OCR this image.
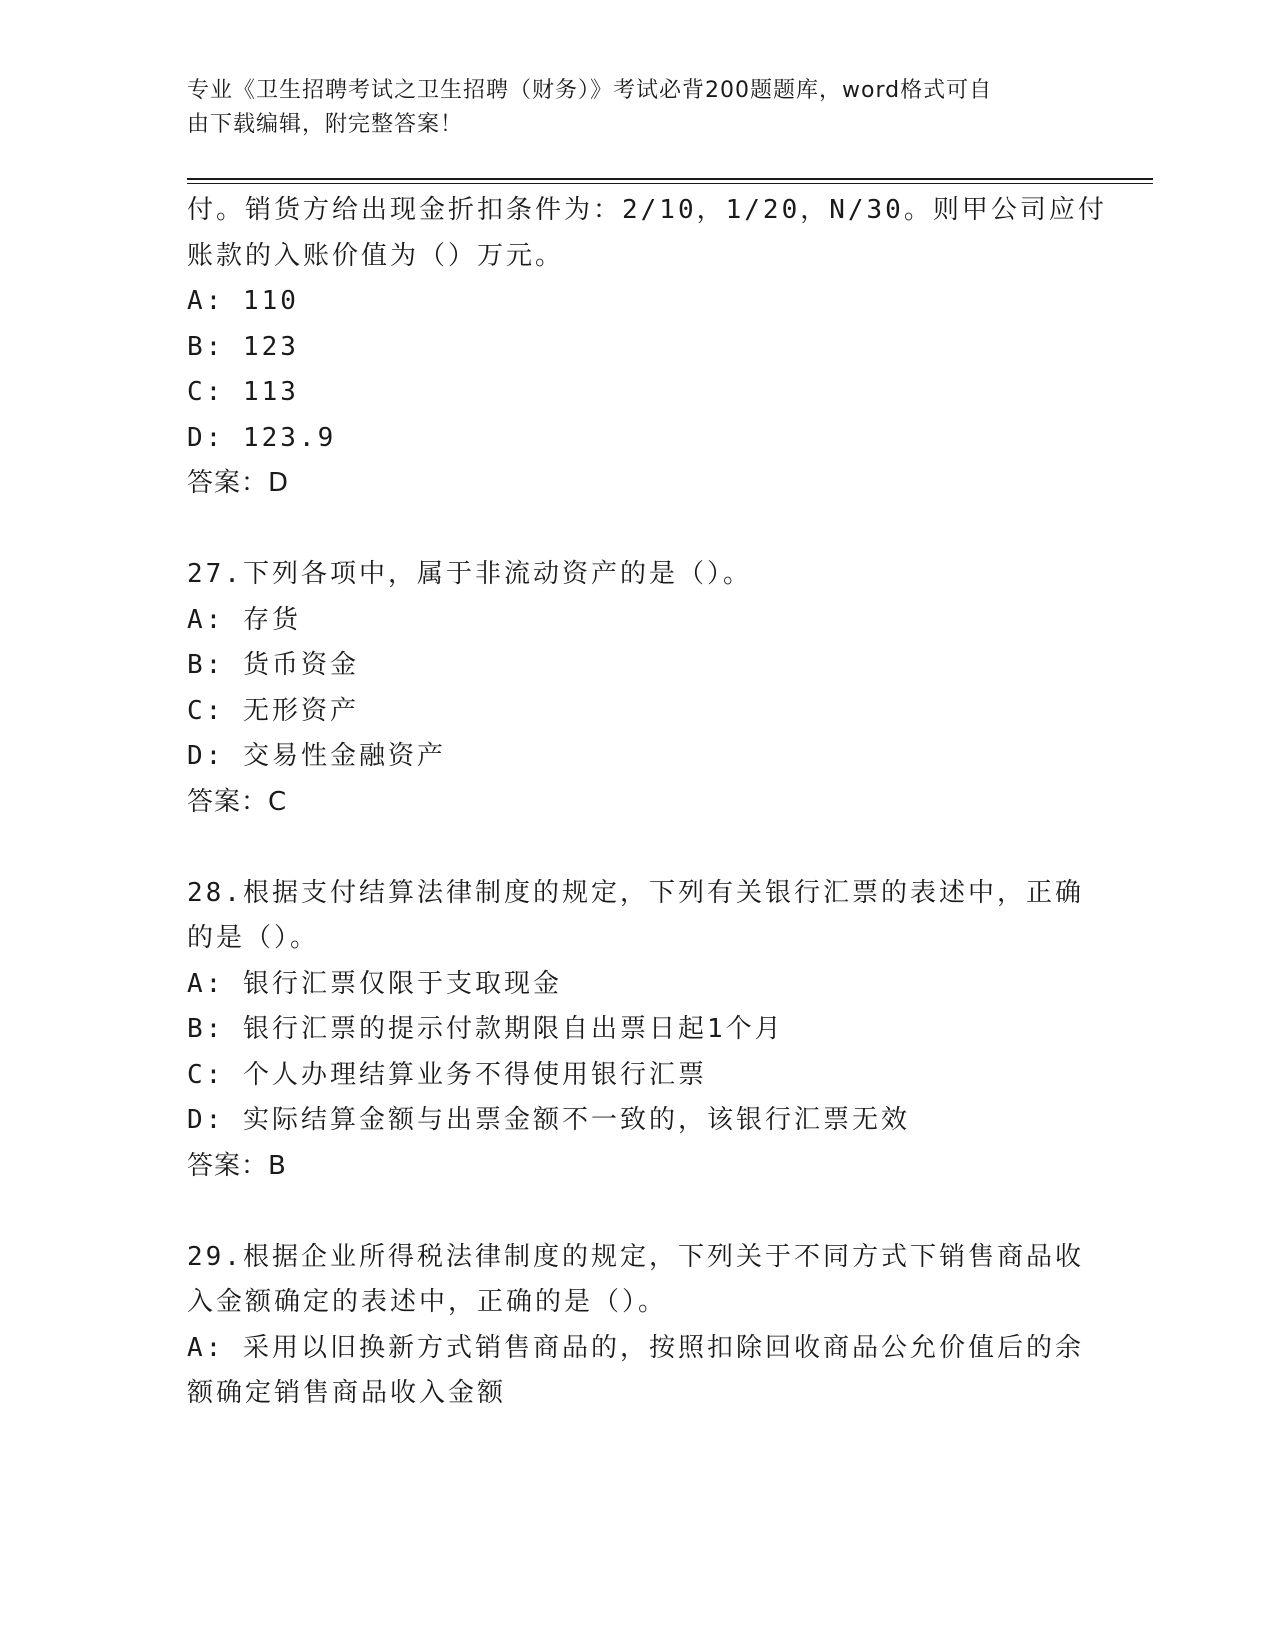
专业《卫生招聘考试之卫生招聘（财务）》考试必背200题题库，word格式可自
由下载编辑，附完整答案！
付。销货方给出现金折扣条件为：2/10，1/20，N/30。则甲公司应付
账款的入账价值为（）万元。
A: 110
B: 123
C: 113
D: 123.9
答案：D
27.下列各项中，属于非流动资产的是（）。
A: 存货
B: 货币资金
C: 无形资产
D: 交易性金融资产
答案：C
28.根据支付结算法律制度的规定，下列有关银行汇票的表述中，正确
的是（）。
A: 银行汇票仅限于支取现金
B: 银行汇票的提示付款期限自出票日起1个月
C: 个人办理结算业务不得使用银行汇票
D: 实际结算金额与出票金额不一致的，该银行汇票无效
答案：B
29.根据企业所得税法律制度的规定，下列关于不同方式下销售商品收
入金额确定的表述中，正确的是（）。
A: 采用以旧换新方式销售商品的，按照扣除回收商品公允价值后的余
额确定销售商品收入金额
